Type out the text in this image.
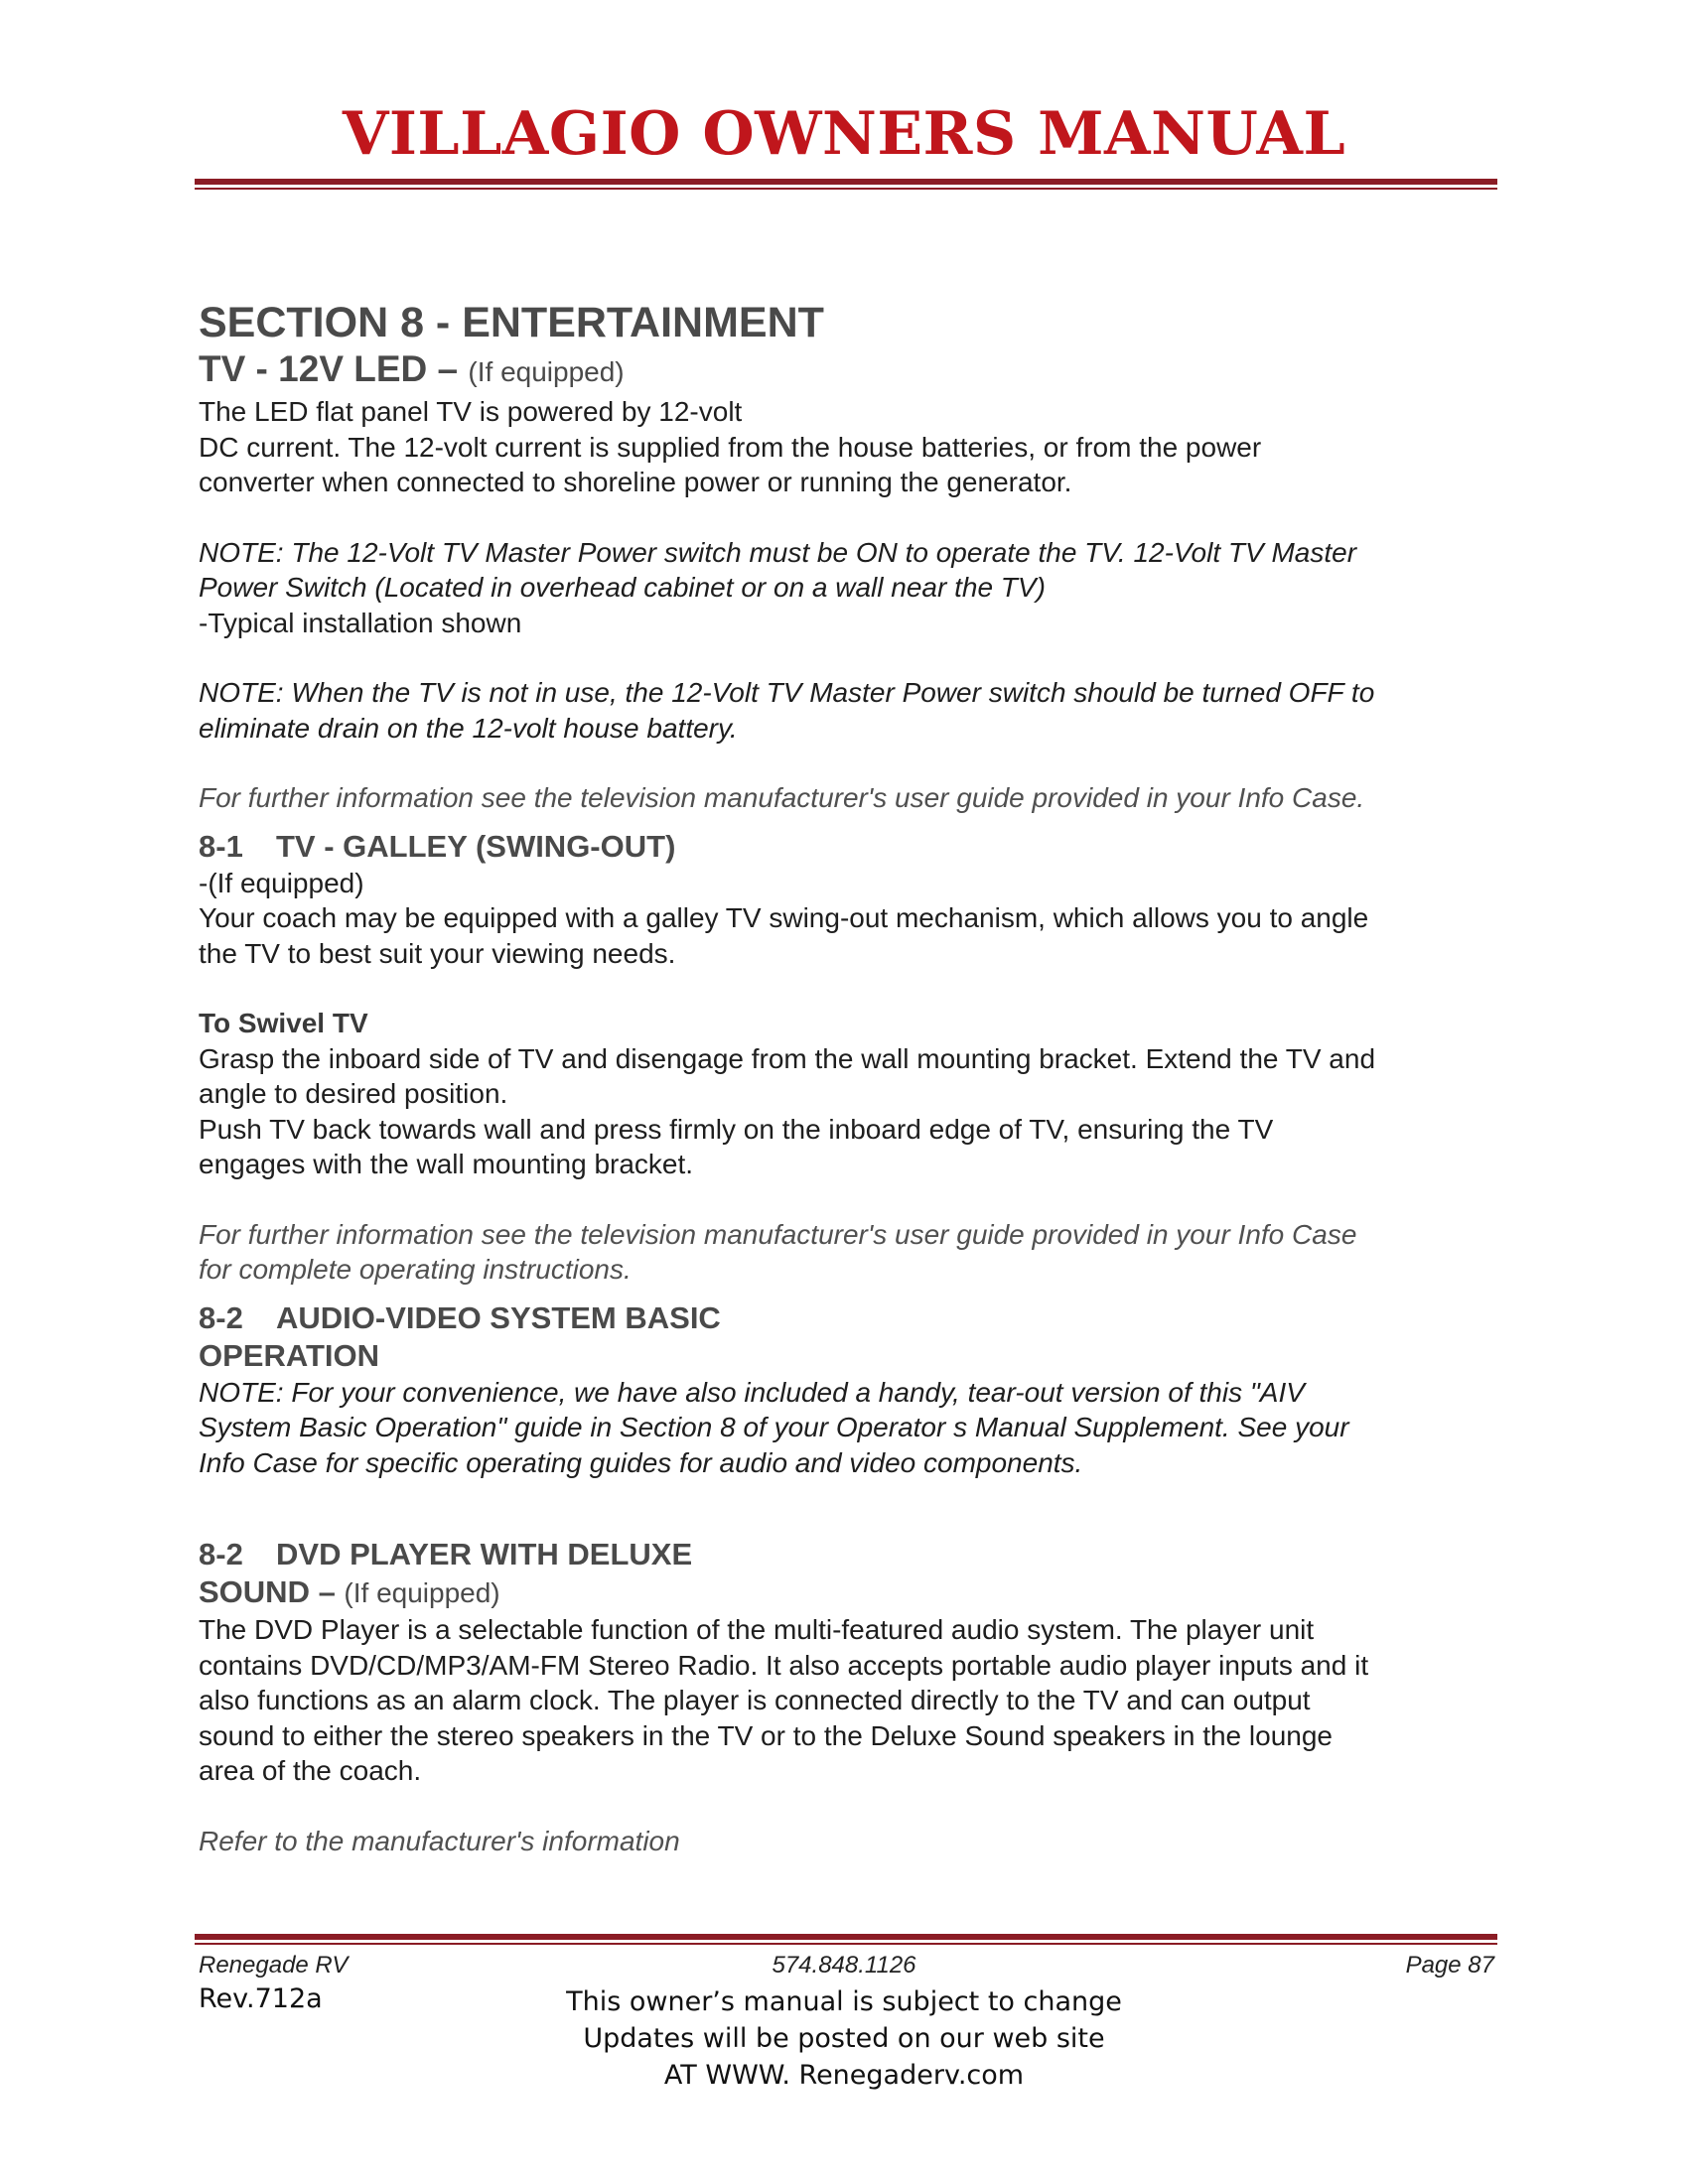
VILLAGIO OWNERS MANUAL

SECTION 8 - ENTERTAINMENT

TV - 12V LED – (If equipped)

The LED flat panel TV is powered by 12-volt

DC current. The 12-volt current is supplied from the house batteries, or from the power

converter when connected to shoreline power or running the generator.

NOTE: The 12-Volt TV Master Power switch must be ON to operate the TV. 12-Volt TV Master

Power Switch (Located in overhead cabinet or on a wall near the TV)

-Typical installation shown

NOTE: When the TV is not in use, the 12-Volt TV Master Power switch should be turned OFF to

eliminate drain on the 12-volt house battery.

For further information see the television manufacturer's user guide provided in your Info Case.

8-1 TV - GALLEY (SWING-OUT)

-(If equipped)

Your coach may be equipped with a galley TV swing-out mechanism, which allows you to angle

the TV to best suit your viewing needs.

To Swivel TV

Grasp the inboard side of TV and disengage from the wall mounting bracket. Extend the TV and

angle to desired position.

Push TV back towards wall and press firmly on the inboard edge of TV, ensuring the TV

engages with the wall mounting bracket.

For further information see the television manufacturer's user guide provided in your Info Case

for complete operating instructions.

8-2 AUDIO-VIDEO SYSTEM BASIC

OPERATION

NOTE: For your convenience, we have also included a handy, tear-out version of this "AIV

System Basic Operation" guide in Section 8 of your Operator s Manual Supplement. See your

Info Case for specific operating guides for audio and video components.

8-2 DVD PLAYER WITH DELUXE

SOUND – (If equipped)

The DVD Player is a selectable function of the multi-featured audio system. The player unit

contains DVD/CD/MP3/AM-FM Stereo Radio. It also accepts portable audio player inputs and it

also functions as an alarm clock. The player is connected directly to the TV and can output

sound to either the stereo speakers in the TV or to the Deluxe Sound speakers in the lounge

area of the coach.

Refer to the manufacturer's information

Renegade RV	574.848.1126	Page 87
Rev.712a	This owner’s manual is subject to change
Updates will be posted on our web site
AT WWW. Renegaderv.com
